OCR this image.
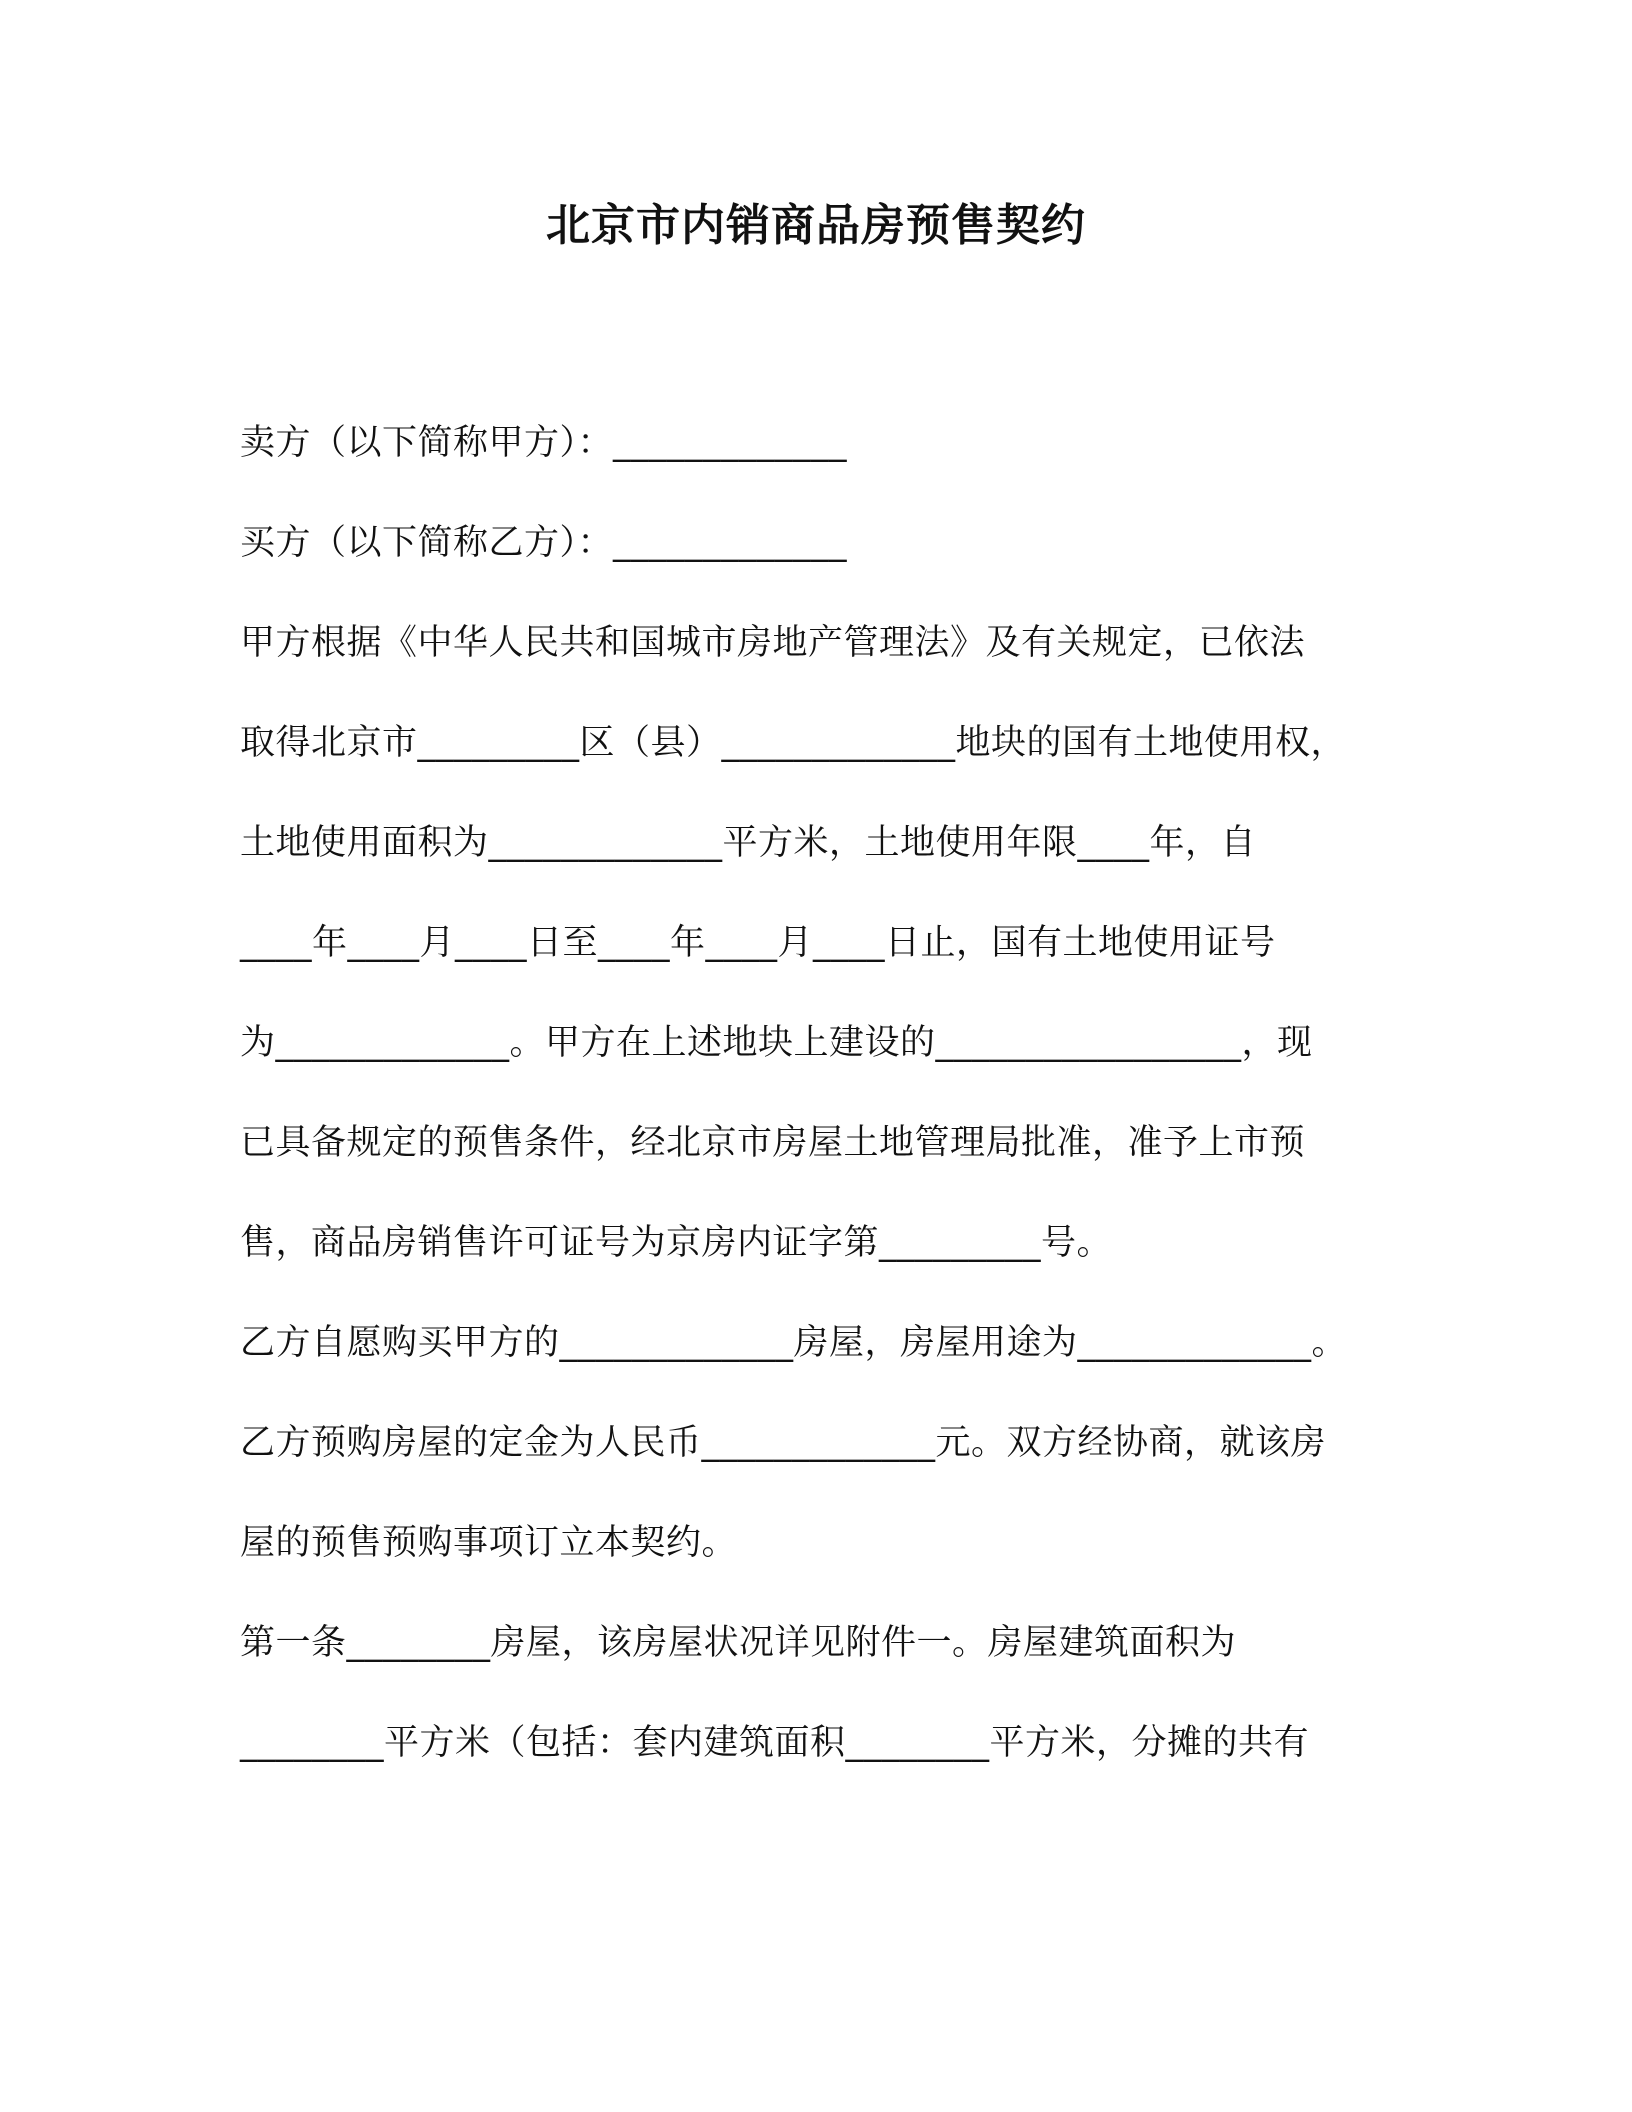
北京市内销商品房预售契约
卖方（以下简称甲方）：_____________
买方（以下简称乙方）：_____________
甲方根据《中华人民共和国城市房地产管理法》及有关规定，已依法
取得北京市_________区（县）_____________地块的国有土地使用权，
土地使用面积为_____________平方米，土地使用年限____年，自
____年____月____日至____年____月____日止，国有土地使用证号
为_____________。甲方在上述地块上建设的_________________，现
已具备规定的预售条件，经北京市房屋土地管理局批准，准予上市预
售，商品房销售许可证号为京房内证字第_________号。
乙方自愿购买甲方的_____________房屋，房屋用途为_____________。
乙方预购房屋的定金为人民币_____________元。双方经协商，就该房
屋的预售预购事项订立本契约。
第一条________房屋，该房屋状况详见附件一。房屋建筑面积为
________平方米（包括：套内建筑面积________平方米，分摊的共有
